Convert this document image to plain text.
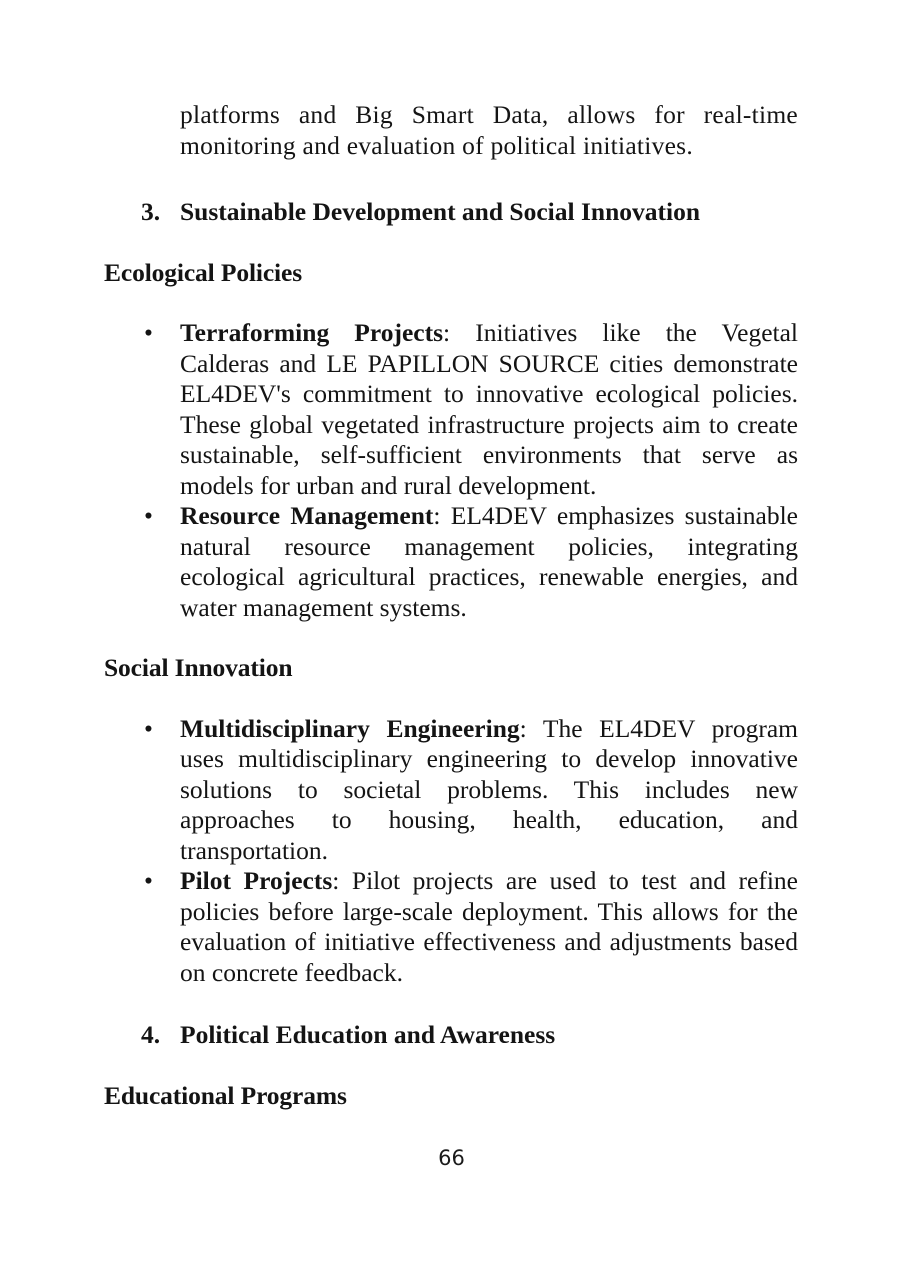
platforms and Big Smart Data, allows for real-time monitoring and evaluation of political initiatives.

3. Sustainable Development and Social Innovation
Ecological Policies
• Terraforming Projects: Initiatives like the Vegetal Calderas and LE PAPILLON SOURCE cities demonstrate EL4DEV's commitment to innovative ecological policies. These global vegetated infrastructure projects aim to create sustainable, self-sufficient environments that serve as models for urban and rural development.
• Resource Management: EL4DEV emphasizes sustainable natural resource management policies, integrating ecological agricultural practices, renewable energies, and water management systems.
Social Innovation
• Multidisciplinary Engineering: The EL4DEV program uses multidisciplinary engineering to develop innovative solutions to societal problems. This includes new approaches to housing, health, education, and transportation.
• Pilot Projects: Pilot projects are used to test and refine policies before large-scale deployment. This allows for the evaluation of initiative effectiveness and adjustments based on concrete feedback.
4. Political Education and Awareness
Educational Programs
66
